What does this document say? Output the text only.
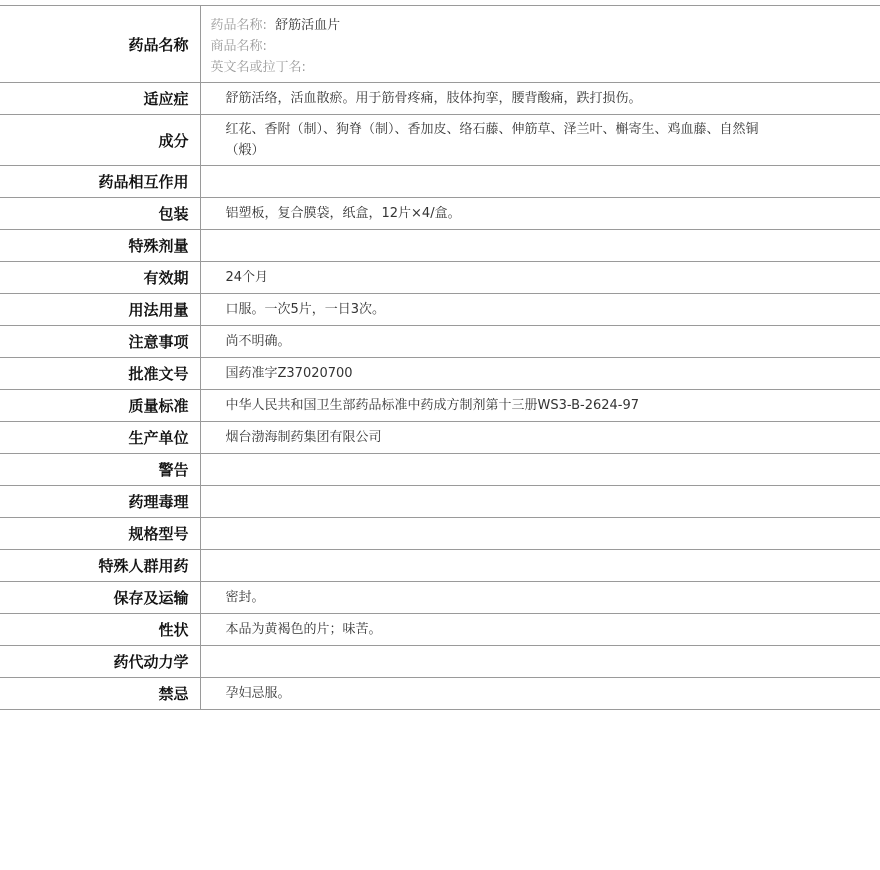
药品名称	药品名称: 舒筋活血片
商品名称:
英文名或拉丁名:

适应症	舒筋活络，活血散瘀。用于筋骨疼痛，肢体拘挛，腰背酸痛，跌打损伤。
成分	红花、香附（制）、狗脊（制）、香加皮、络石藤、伸筋草、泽兰叶、槲寄生、鸡血藤、自然铜（煅）
药品相互作用	
包装	铝塑板，复合膜袋，纸盒，12片×4/盒。
特殊剂量	
有效期	24个月
用法用量	口服。一次5片，一日3次。
注意事项	尚不明确。
批准文号	国药准字Z37020700
质量标准	中华人民共和国卫生部药品标准中药成方制剂第十三册WS3-B-2624-97
生产单位	烟台渤海制药集团有限公司
警告	
药理毒理	
规格型号	
特殊人群用药	
保存及运输	密封。
性状	本品为黄褐色的片；味苦。
药代动力学	
禁忌	孕妇忌服。
